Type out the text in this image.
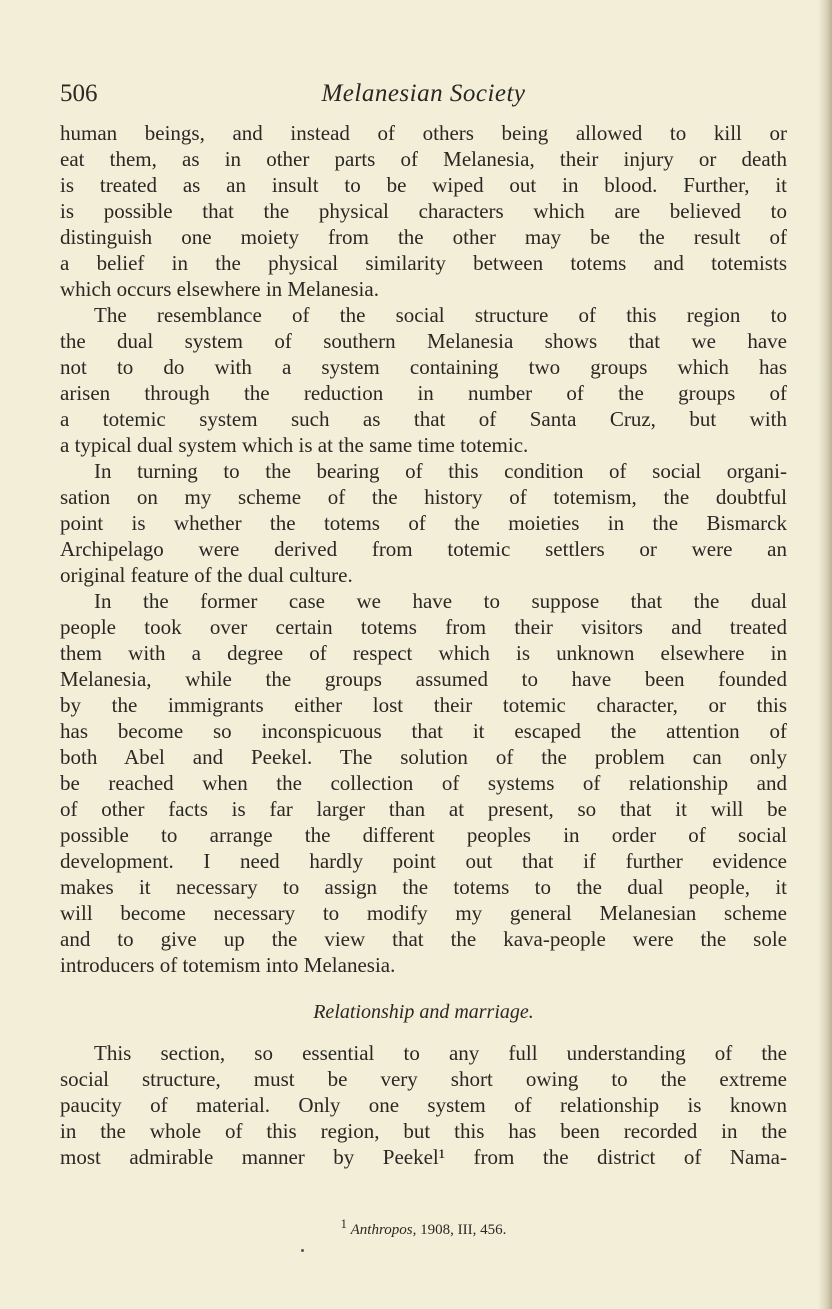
506	Melanesian Society
human beings, and instead of others being allowed to kill or
eat them, as in other parts of Melanesia, their injury or death
is treated as an insult to be wiped out in blood. Further, it
is possible that the physical characters which are believed to
distinguish one moiety from the other may be the result of
a belief in the physical similarity between totems and totemists
which occurs elsewhere in Melanesia.
The resemblance of the social structure of this region to
the dual system of southern Melanesia shows that we have
not to do with a system containing two groups which has
arisen through the reduction in number of the groups of
a totemic system such as that of Santa Cruz, but with
a typical dual system which is at the same time totemic.
In turning to the bearing of this condition of social organi-
sation on my scheme of the history of totemism, the doubtful
point is whether the totems of the moieties in the Bismarck
Archipelago were derived from totemic settlers or were an
original feature of the dual culture.
In the former case we have to suppose that the dual
people took over certain totems from their visitors and treated
them with a degree of respect which is unknown elsewhere in
Melanesia, while the groups assumed to have been founded
by the immigrants either lost their totemic character, or this
has become so inconspicuous that it escaped the attention of
both Abel and Peekel. The solution of the problem can only
be reached when the collection of systems of relationship and
of other facts is far larger than at present, so that it will be
possible to arrange the different peoples in order of social
development. I need hardly point out that if further evidence
makes it necessary to assign the totems to the dual people, it
will become necessary to modify my general Melanesian scheme
and to give up the view that the kava-people were the sole
introducers of totemism into Melanesia.
Relationship and marriage.
This section, so essential to any full understanding of the
social structure, must be very short owing to the extreme
paucity of material. Only one system of relationship is known
in the whole of this region, but this has been recorded in the
most admirable manner by Peekel¹ from the district of Nama-
$^1$ Anthropos, 1908, III, 456.
